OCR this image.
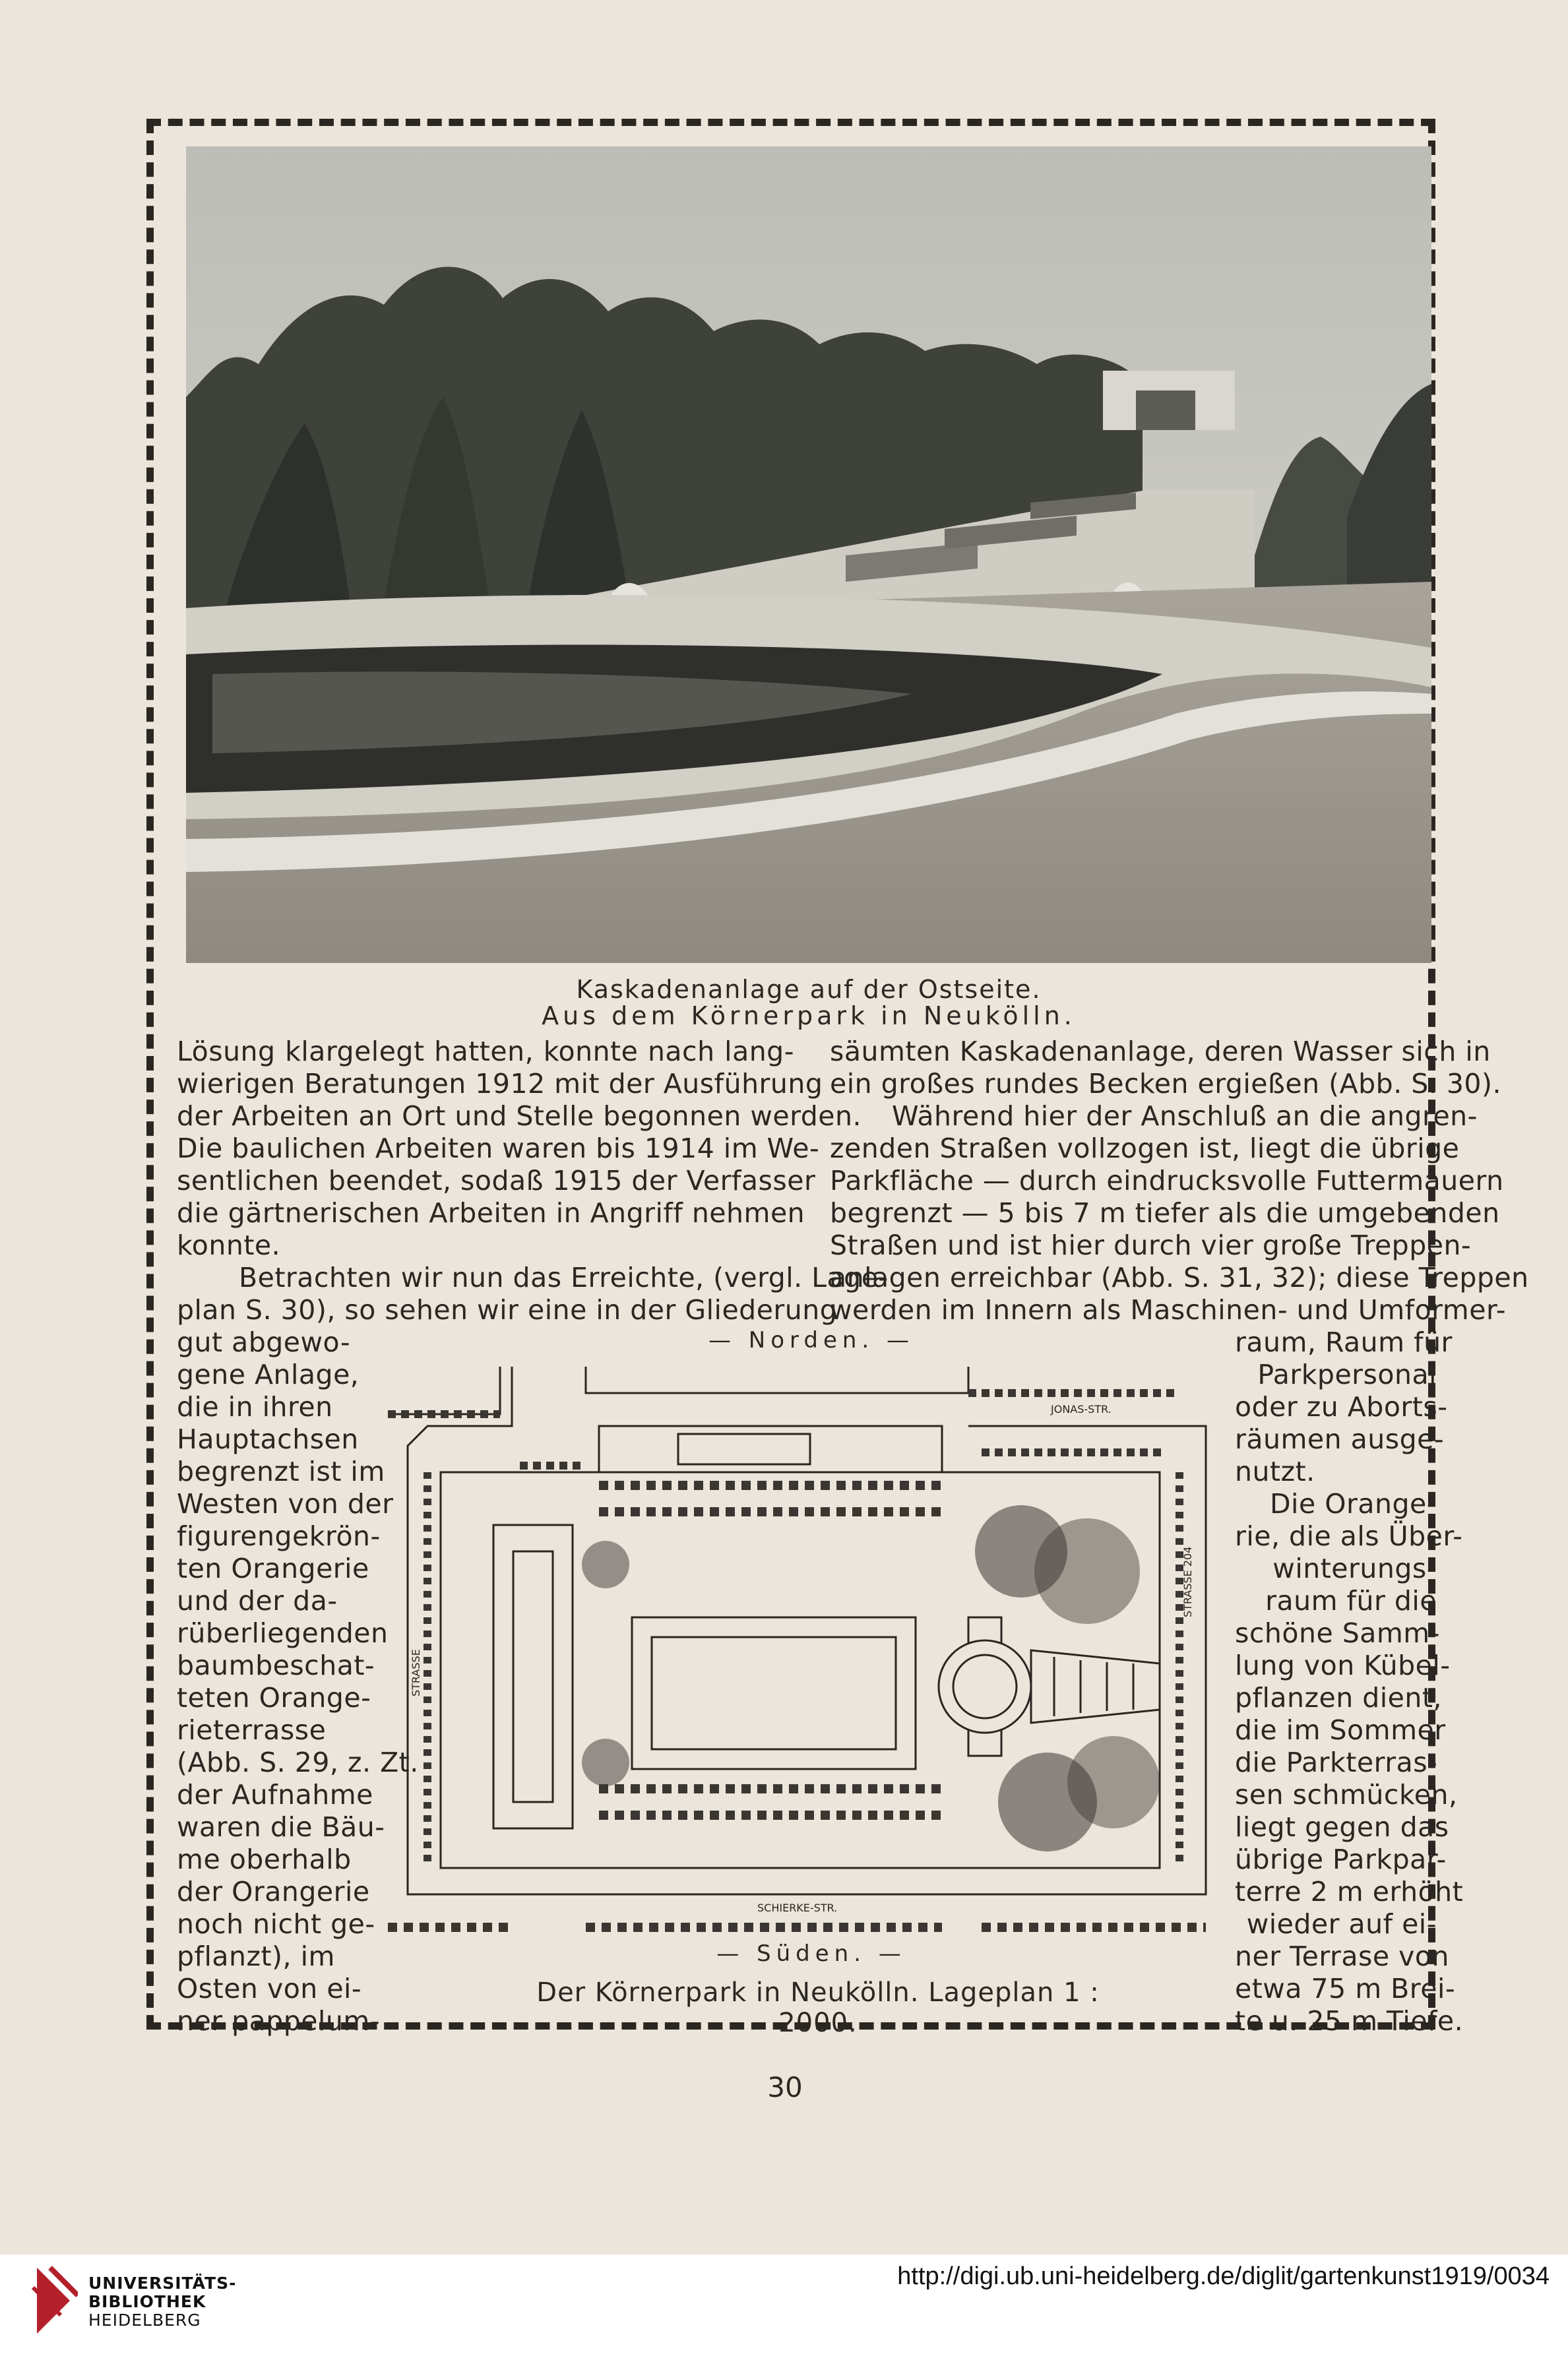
Kaskadenanlage auf der Ostseite.
Aus dem Körnerpark in Neukölln.
Lösung klargelegt hatten, konnte nach lang-
wierigen Beratungen 1912 mit der Ausführung
der Arbeiten an Ort und Stelle begonnen werden.
Die baulichen Arbeiten waren bis 1914 im We-
sentlichen beendet, sodaß 1915 der Verfasser
die gärtnerischen Arbeiten in Angriff nehmen
konnte.
Betrachten wir nun das Erreichte, (vergl. Lage-
plan S. 30), so sehen wir eine in der Gliederung
gut abgewo-
gene Anlage,
die in ihren
Hauptachsen
begrenzt ist im
Westen von der
figurengekrön-
ten Orangerie
und der da-
rüberliegenden
baumbeschat-
teten Orange-
rieterrasse
(Abb. S. 29, z. Zt.
der Aufnahme
waren die Bäu-
me oberhalb
der Orangerie
noch nicht ge-
pflanzt), im
Osten von ei-
ner pappelum-
säumten Kaskadenanlage, deren Wasser sich in
ein großes rundes Becken ergießen (Abb. S. 30).
Während hier der Anschluß an die angren-
zenden Straßen vollzogen ist, liegt die übrige
Parkfläche — durch eindrucksvolle Futtermauern
begrenzt — 5 bis 7 m tiefer als die umgebenden
Straßen und ist hier durch vier große Treppen-
anlagen erreichbar (Abb. S. 31, 32); diese Treppen
werden im Innern als Maschinen- und Umformer-
raum, Raum für
Parkpersonal
oder zu Aborts-
räumen ausge-
nutzt.
Die Orange-
rie, die als Über-
winterungs-
raum für die
schöne Samm-
lung von Kübel-
pflanzen dient,
die im Sommer
die Parkterras-
sen schmücken,
liegt gegen das
übrige Parkpar-
terre 2 m erhöht
wieder auf ei-
ner Terrase von
etwa 75 m Brei-
te u. 25 m Tiefe.
— Norden. —
— Süden. —
JONAS-STR.
SCHIERKE-STR.
STRASSE 204
STRASSE
Der Körnerpark in Neukölln. Lageplan 1 : 2000.
30
UNIVERSITÄTS-
BIBLIOTHEK
HEIDELBERG
http://digi.ub.uni-heidelberg.de/diglit/gartenkunst1919/0034
